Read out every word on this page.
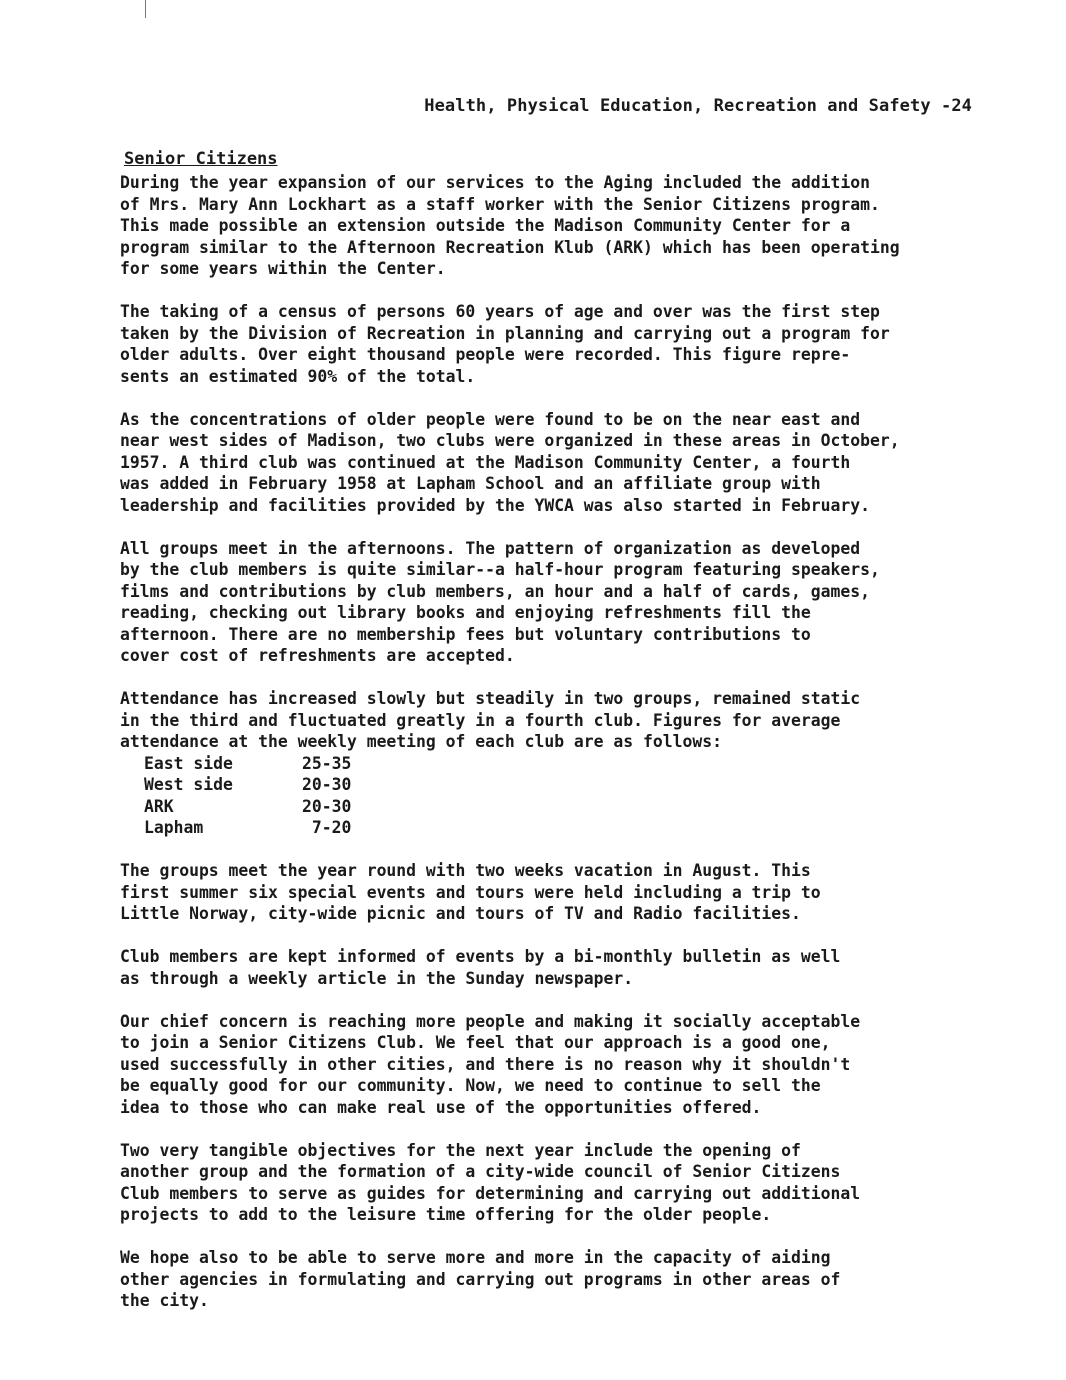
Health, Physical Education, Recreation and Safety -24
Senior Citizens
During the year expansion of our services to the Aging included the addition
of Mrs. Mary Ann Lockhart as a staff worker with the Senior Citizens program.
This made possible an extension outside the Madison Community Center for a
program similar to the Afternoon Recreation Klub (ARK) which has been operating
for some years within the Center.
The taking of a census of persons 60 years of age and over was the first step
taken by the Division of Recreation in planning and carrying out a program for
older adults. Over eight thousand people were recorded. This figure repre-
sents an estimated 90% of the total.
As the concentrations of older people were found to be on the near east and
near west sides of Madison, two clubs were organized in these areas in October,
1957. A third club was continued at the Madison Community Center, a fourth
was added in February 1958 at Lapham School and an affiliate group with
leadership and facilities provided by the YWCA was also started in February.
All groups meet in the afternoons. The pattern of organization as developed
by the club members is quite similar--a half-hour program featuring speakers,
films and contributions by club members, an hour and a half of cards, games,
reading, checking out library books and enjoying refreshments fill the
afternoon. There are no membership fees but voluntary contributions to
cover cost of refreshments are accepted.
Attendance has increased slowly but steadily in two groups, remained static
in the third and fluctuated greatly in a fourth club. Figures for average
attendance at the weekly meeting of each club are as follows:
East side	25-35
West side	20-30
ARK	20-30
Lapham	7-20
The groups meet the year round with two weeks vacation in August. This
first summer six special events and tours were held including a trip to
Little Norway, city-wide picnic and tours of TV and Radio facilities.
Club members are kept informed of events by a bi-monthly bulletin as well
as through a weekly article in the Sunday newspaper.
Our chief concern is reaching more people and making it socially acceptable
to join a Senior Citizens Club. We feel that our approach is a good one,
used successfully in other cities, and there is no reason why it shouldn't
be equally good for our community. Now, we need to continue to sell the
idea to those who can make real use of the opportunities offered.
Two very tangible objectives for the next year include the opening of
another group and the formation of a city-wide council of Senior Citizens
Club members to serve as guides for determining and carrying out additional
projects to add to the leisure time offering for the older people.
We hope also to be able to serve more and more in the capacity of aiding
other agencies in formulating and carrying out programs in other areas of
the city.
